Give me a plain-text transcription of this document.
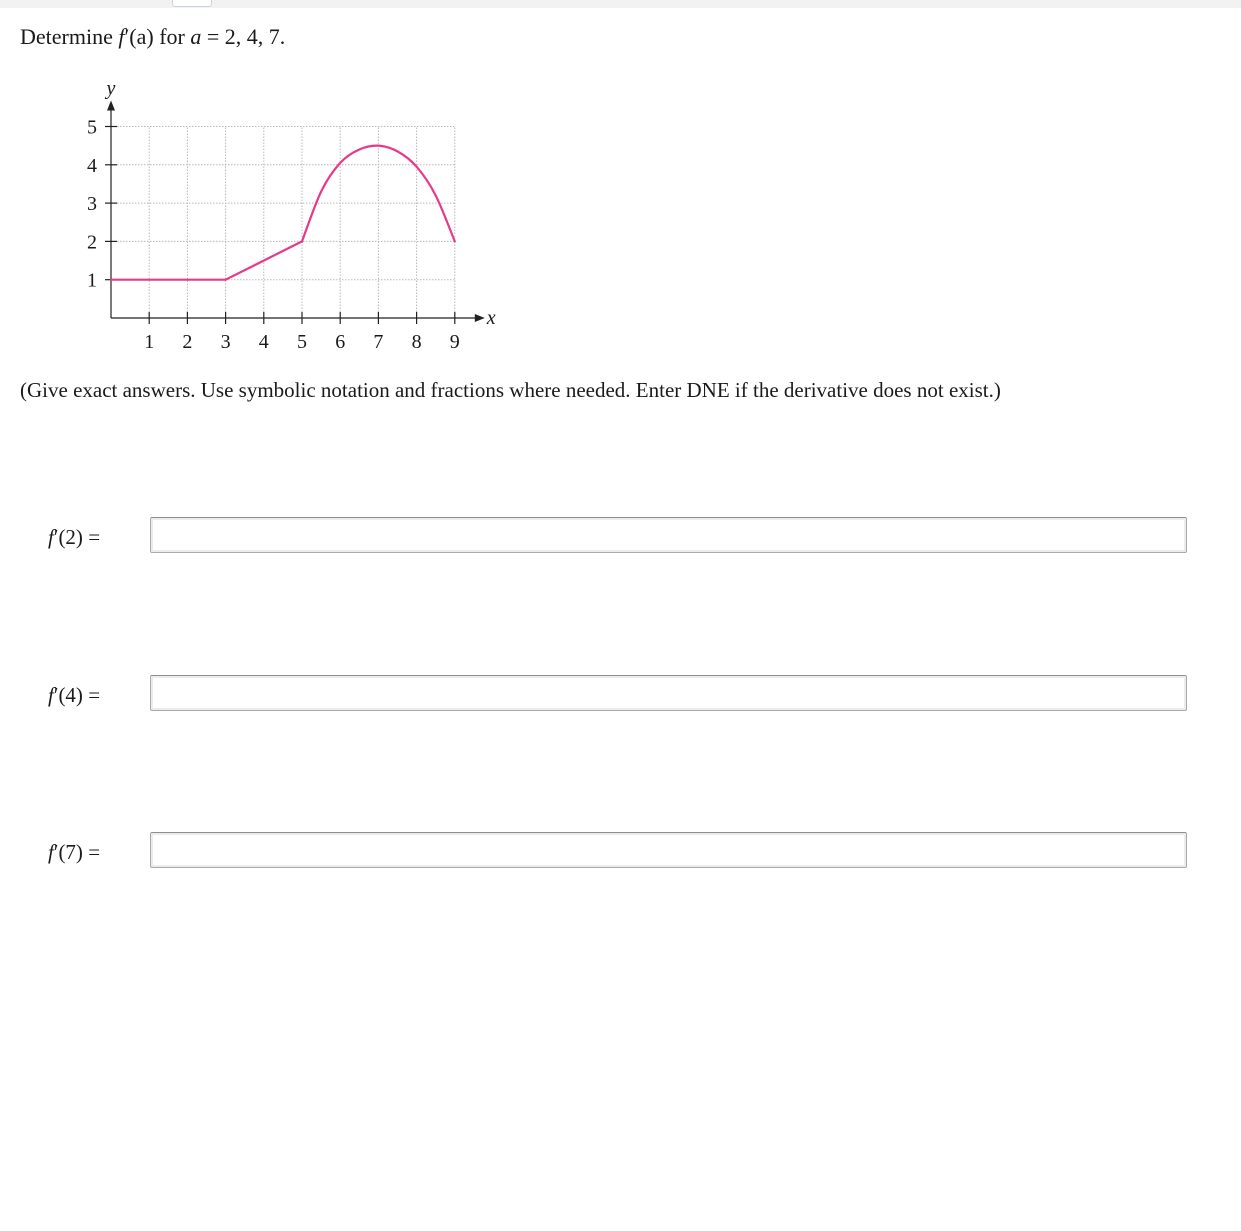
Determine f′(a) for a = 2, 4, 7.
1 2 3 4 5 6 7 8 9
1
2
3
4
5
x
y
(Give exact answers. Use symbolic notation and fractions where needed. Enter DNE if the derivative does not exist.)
f′(2) =
f′(4) =
f′(7) =
